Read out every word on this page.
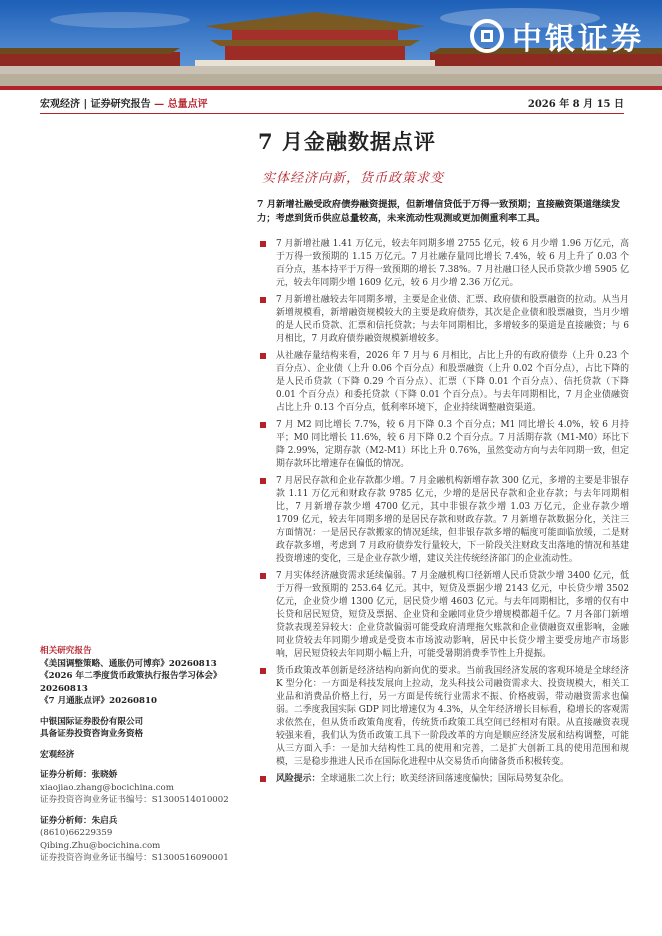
中银证券
宏观经济 | 证券研究报告 — 总量点评	2026 年 8 月 15 日
7 月金融数据点评
实体经济向新，货币政策求变
7 月新增社融受政府债券融资提振，但新增信贷低于万得一致预期；直接融资渠道继续发力；考虑到货币供应总量较高，未来流动性观测或更加侧重利率工具。
7 月新增社融 1.41 万亿元，较去年同期多增 2755 亿元，较 6 月少增 1.96 万亿元，高于万得一致预期的 1.15 万亿元。7 月社融存量同比增长 7.4%，较 6 月上升了 0.03 个百分点，基本持平于万得一致预期的增长 7.38%。7 月社融口径人民币贷款少增 5905 亿元，较去年同期少增 1609 亿元，较 6 月少增 2.36 万亿元。
7 月新增社融较去年同期多增，主要是企业债、汇票、政府债和股票融资的拉动。从当月新增规模看，新增融资规模较大的主要是政府债券，其次是企业债和股票融资，当月少增的是人民币贷款、汇票和信托贷款；与去年同期相比，多增较多的渠道是直接融资；与 6 月相比，7 月政府债券融资规模新增较多。
从社融存量结构来看，2026 年 7 月与 6 月相比，占比上升的有政府债券（上升 0.23 个百分点）、企业债（上升 0.06 个百分点）和股票融资（上升 0.02 个百分点），占比下降的是人民币贷款（下降 0.29 个百分点）、汇票（下降 0.01 个百分点）、信托贷款（下降 0.01 个百分点）和委托贷款（下降 0.01 个百分点）。与去年同期相比，7 月企业债融资占比上升 0.13 个百分点，低利率环境下，企业持续调整融资渠道。
7 月 M2 同比增长 7.7%，较 6 月下降 0.3 个百分点；M1 同比增长 4.0%，较 6 月持平；M0 同比增长 11.6%，较 6 月下降 0.2 个百分点。7 月活期存款（M1-M0）环比下降 2.99%，定期存款（M2-M1）环比上升 0.76%，虽然变动方向与去年同期一致，但定期存款环比增速存在偏低的情况。
7 月居民存款和企业存款都少增。7 月金融机构新增存款 300 亿元，多增的主要是非银存款 1.11 万亿元和财政存款 9785 亿元，少增的是居民存款和企业存款；与去年同期相比，7 月新增存款少增 4700 亿元，其中非银存款少增 1.03 万亿元，企业存款少增 1709 亿元，较去年同期多增的是居民存款和财政存款。7 月新增存款数据分化，关注三方面情况：一是居民存款搬家的情况延续，但非银存款多增的幅度可能面临放缓，二是财政存款多增，考虑到 7 月政府债券发行量较大，下一阶段关注财政支出落地的情况和基建投资增速的变化，三是企业存款少增，建议关注传统经济部门的企业流动性。
7 月实体经济融资需求延续偏弱。7 月金融机构口径新增人民币贷款少增 3400 亿元，低于万得一致预期的 253.64 亿元。其中，短贷及票据少增 2143 亿元，中长贷少增 3502 亿元，企业贷少增 1300 亿元，居民贷少增 4603 亿元。与去年同期相比，多增的仅有中长贷和居民短贷，短贷及票据、企业贷和金融同业贷少增规模都超千亿。7 月各部门新增贷款表现差异较大：企业贷款偏弱可能受政府清理拖欠账款和企业债融资双重影响，金融同业贷较去年同期少增或是受资本市场波动影响，居民中长贷少增主要受房地产市场影响，居民短贷较去年同期小幅上升，可能受暑期消费季节性上升提振。
货币政策改革创新是经济结构向新向优的要求。当前我国经济发展的客观环境是全球经济 K 型分化：一方面是科技发展向上拉动，龙头科技公司融资需求大、投资规模大，相关工业品和消费品价格上行，另一方面是传统行业需求不振、价格疲弱，带动融资需求也偏弱。二季度我国实际 GDP 同比增速仅为 4.3%，从全年经济增长目标看，稳增长的客观需求依然在，但从货币政策角度看，传统货币政策工具空间已经相对有限。从直接融资表现较强来看，我们认为货币政策工具下一阶段改革的方向是顺应经济发展和结构调整，可能从三方面入手：一是加大结构性工具的使用和完善，二是扩大创新工具的使用范围和规模，三是稳步推进人民币在国际化进程中从交易货币向储备货币积极转变。
风险提示：全球通胀二次上行；欧美经济回落速度偏快；国际局势复杂化。
相关研究报告
《美国调整策略、通胀仍可博弈》20260813
《2026 年二季度货币政策执行报告学习体会》20260813
《7 月通胀点评》20260810
中银国际证券股份有限公司
具备证券投资咨询业务资格
宏观经济
证券分析师：张晓娇
xiaojiao.zhang@bocichina.com
证券投资咨询业务证书编号：S1300514010002
证券分析师：朱启兵
(8610)66229359
Qibing.Zhu@bocichina.com
证券投资咨询业务证书编号：S1300516090001
